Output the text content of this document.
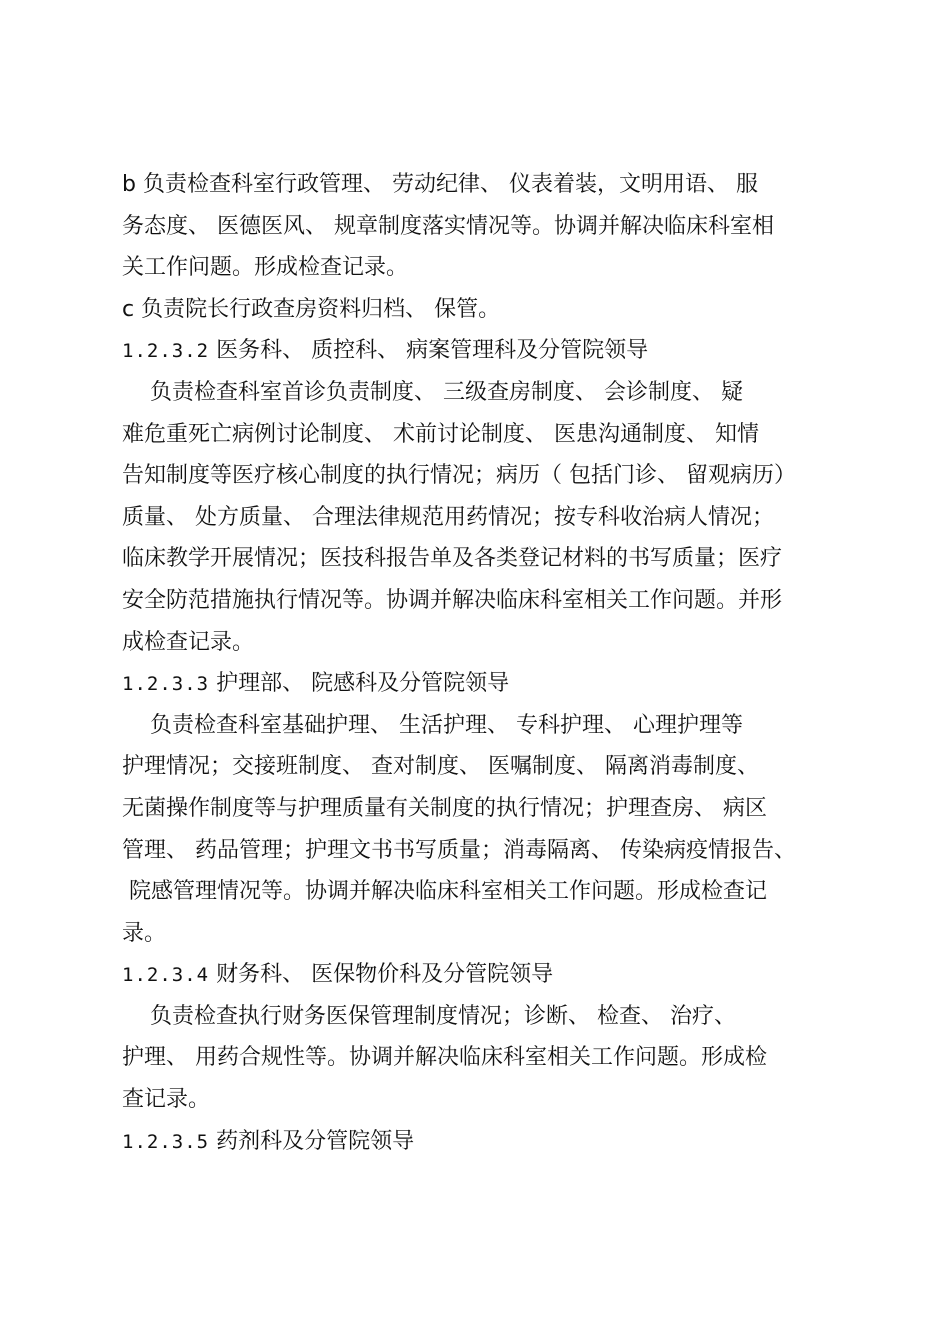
b 负责检查科室行政管理、 劳动纪律、 仪表着装，文明用语、 服
务态度、 医德医风、 规章制度落实情况等。协调并解决临床科室相
关工作问题。形成检查记录。
c 负责院长行政查房资料归档、 保管。
1.2.3.2 医务科、 质控科、 病案管理科及分管院领导
负责检查科室首诊负责制度、 三级查房制度、 会诊制度、 疑
难危重死亡病例讨论制度、 术前讨论制度、 医患沟通制度、 知情
告知制度等医疗核心制度的执行情况；病历（ 包括门诊、 留观病历）
质量、 处方质量、 合理法律规范用药情况；按专科收治病人情况；
临床教学开展情况；医技科报告单及各类登记材料的书写质量；医疗
安全防范措施执行情况等。协调并解决临床科室相关工作问题。并形
成检查记录。
1.2.3.3 护理部、 院感科及分管院领导
负责检查科室基础护理、 生活护理、 专科护理、 心理护理等
护理情况；交接班制度、 查对制度、 医嘱制度、 隔离消毒制度、
无菌操作制度等与护理质量有关制度的执行情况；护理查房、 病区
管理、 药品管理；护理文书书写质量；消毒隔离、 传染病疫情报告、
院感管理情况等。协调并解决临床科室相关工作问题。形成检查记
录。
1.2.3.4 财务科、 医保物价科及分管院领导
负责检查执行财务医保管理制度情况；诊断、 检查、 治疗、
护理、 用药合规性等。协调并解决临床科室相关工作问题。形成检
查记录。
1.2.3.5 药剂科及分管院领导
